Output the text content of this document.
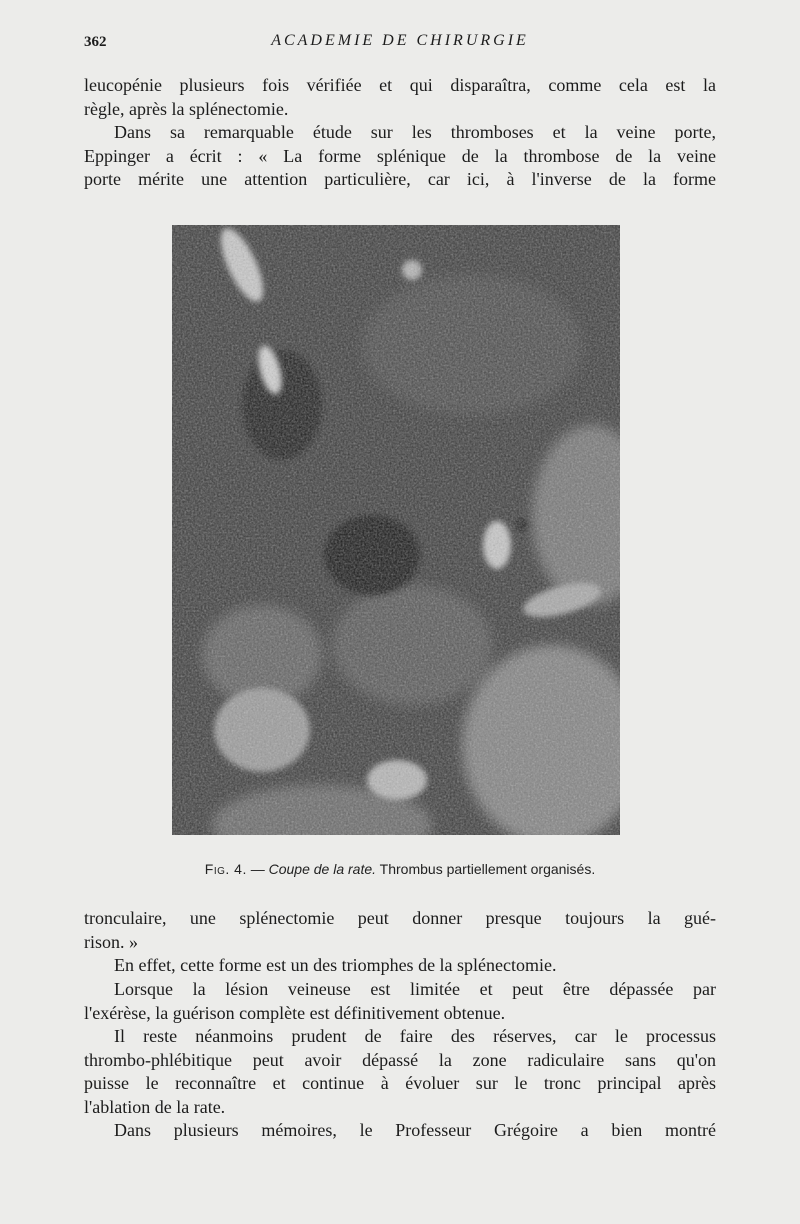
362	ACADEMIE DE CHIRURGIE

leucopénie plusieurs fois vérifiée et qui disparaîtra, comme cela est la
règle, après la splénectomie.

Dans sa remarquable étude sur les thromboses et la veine porte,
Eppinger a écrit : « La forme splénique de la thrombose de la veine
porte mérite une attention particulière, car ici, à l'inverse de la forme

Fig. 4. — Coupe de la rate. Thrombus partiellement organisés.

tronculaire, une splénectomie peut donner presque toujours la gué-
rison. »

En effet, cette forme est un des triomphes de la splénectomie.

Lorsque la lésion veineuse est limitée et peut être dépassée par
l'exérèse, la guérison complète est définitivement obtenue.

Il reste néanmoins prudent de faire des réserves, car le processus
thrombo-phlébitique peut avoir dépassé la zone radiculaire sans qu'on
puisse le reconnaître et continue à évoluer sur le tronc principal après
l'ablation de la rate.

Dans plusieurs mémoires, le Professeur Grégoire a bien montré
